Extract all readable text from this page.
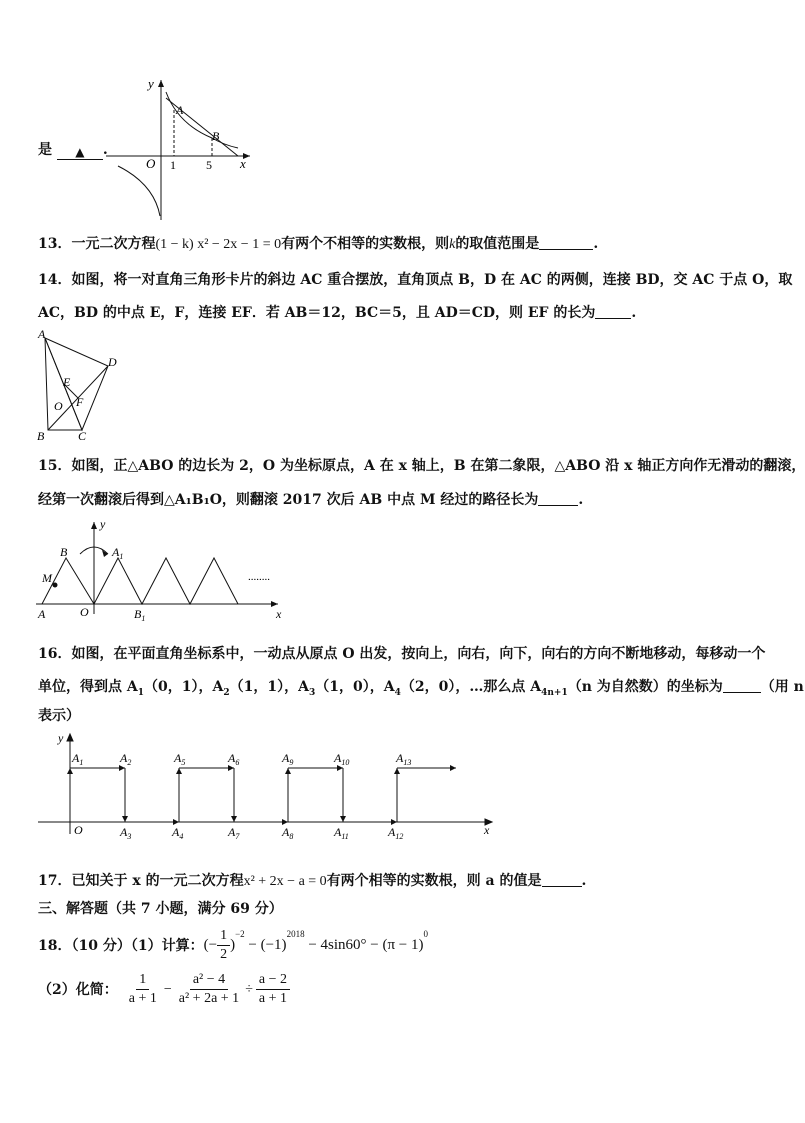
是 ▲ .
y
x
O
A
B
1	5
13．一元二次方程(1 − k) x² − 2x − 1 = 0有两个不相等的实数根，则k的取值范围是	.
14．如图，将一对直角三角形卡片的斜边 AC 重合摆放，直角顶点 B，D 在 AC 的两侧，连接 BD，交 AC 于点 O，取
AC，BD 的中点 E，F，连接 EF．若 AB＝12，BC＝5，且 AD＝CD，则 EF 的长为	.
A
D
E
O F
B	C
15．如图，正△ABO 的边长为 2，O 为坐标原点，A 在 x 轴上，B 在第二象限，△ABO 沿 x 轴正方向作无滑动的翻滚，
经第一次翻滚后得到△A₁B₁O，则翻滚 2017 次后 AB 中点 M 经过的路径长为	.
y
x
B	$A_1$
M
A	O	$B_1$
........
16．如图，在平面直角坐标系中，一动点从原点 O 出发，按向上，向右，向下，向右的方向不断地移动，每移动一个
单位，得到点 $A_1(0$，1），$A_2(1$，1），$A_3(1$，0），$A_4(2$，0），…那么点 $A_{4n+1}(n$ 为自然数）的坐标为	（用 n
表示）
y
x
O
$A_1$	$A_2$	$A_5$	$A_6$	$A_9$	$A_{10}$	$A_{13}$
$A_3$	$A_4$	$A_7$	$A_8$	$A_{11}$	$A_{12}$
17．已知关于 x 的一元二次方程x² + 2x − a = 0有两个相等的实数根，则 a 的值是	.
三、解答题（共 7 小题，满分 69 分）
18．（10 分）（1）计算： (− $\frac{1}{2}$ )
$^{-2}$
− (−1)
$^{2018}$
− 4sin60° − (π − 1)
$^0$
（2）化简： $\frac{1}{a + 1} - \frac{\text{a² − 4}}{\text{a² + 2a + 1}} \div \frac{a - 2}{a + 1}$
